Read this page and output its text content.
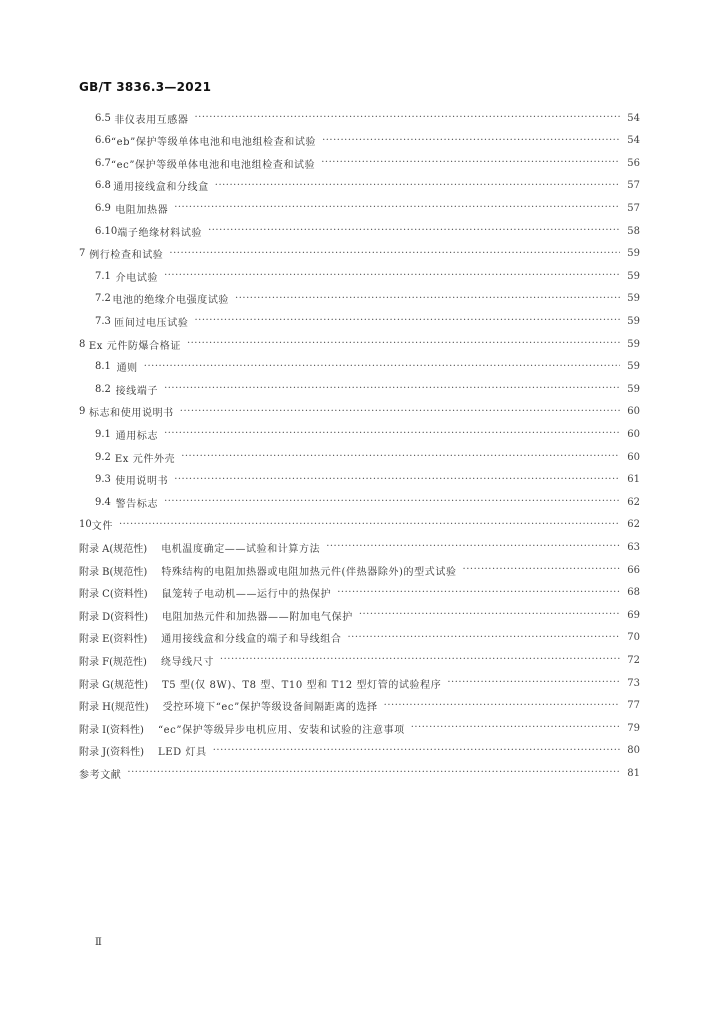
GB/T 3836.3—2021
6.5 非仪表用互感器 ·····	54
6.6 “eb”保护等级单体电池和电池组检查和试验 ·····	54
6.7 “ec”保护等级单体电池和电池组检查和试验 ·····	56
6.8 通用接线盒和分线盒 ·····	57
6.9 电阻加热器 ·····	57
6.10 端子绝缘材料试验 ·····	58
7 例行检查和试验 ·····	59
7.1 介电试验 ·····	59
7.2 电池的绝缘介电强度试验 ·····	59
7.3 匝间过电压试验 ·····	59
8 Ex 元件防爆合格证 ·····	59
8.1 通则 ·····	59
8.2 接线端子 ·····	59
9 标志和使用说明书 ·····	60
9.1 通用标志 ·····	60
9.2 Ex 元件外壳 ·····	60
9.3 使用说明书 ·····	61
9.4 警告标志 ·····	62
10 文件 ·····	62
附录 A(规范性) 电机温度确定——试验和计算方法 ·····	63
附录 B(规范性) 特殊结构的电阻加热器或电阻加热元件(伴热器除外)的型式试验 ·····	66
附录 C(资料性) 鼠笼转子电动机——运行中的热保护 ·····	68
附录 D(资料性) 电阻加热元件和加热器——附加电气保护 ·····	69
附录 E(资料性) 通用接线盒和分线盒的端子和导线组合 ·····	70
附录 F(规范性) 绕导线尺寸 ·····	72
附录 G(规范性) T5 型(仅 8W)、T8 型、T10 型和 T12 型灯管的试验程序 ·····	73
附录 H(规范性) 受控环境下“ec”保护等级设备间隔距离的选择 ·····	77
附录 I(资料性) “ec”保护等级异步电机应用、安装和试验的注意事项 ·····	79
附录 J(资料性) LED 灯具 ·····	80
参考文献 ·····	81
Ⅱ
